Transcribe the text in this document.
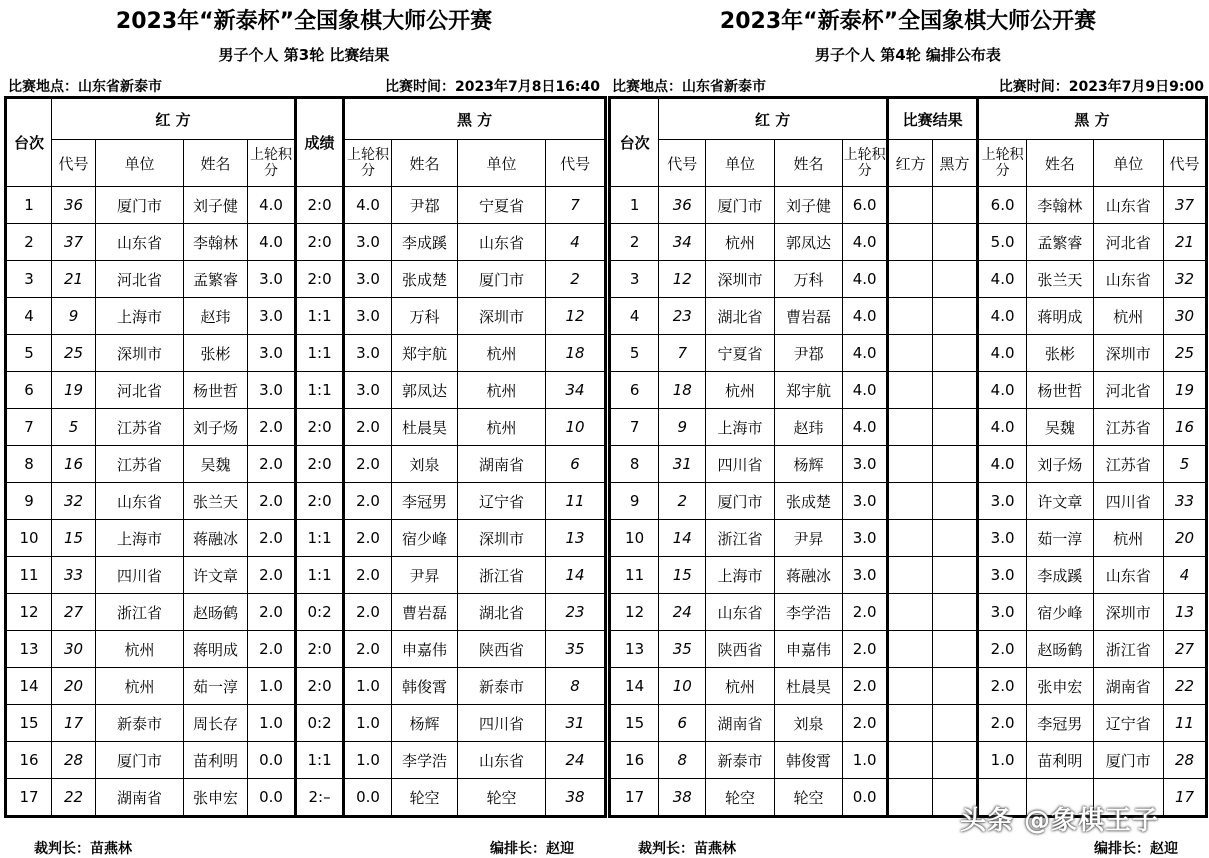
2023年“新泰杯”全国象棋大师公开赛
男子个人 第3轮 比赛结果
比赛地点：山东省新泰市	比赛时间：2023年7月8日16:40
台次	红 方				成绩	黑 方			
	代号	单位	姓名	上轮积分		上轮积分	姓名	单位	代号
1	36	厦门市	刘子健	4.0	2:0	4.0	尹鄀	宁夏省	7
2	37	山东省	李翰林	4.0	2:0	3.0	李成蹊	山东省	4
3	21	河北省	孟繁睿	3.0	2:0	3.0	张成楚	厦门市	2
4	9	上海市	赵玮	3.0	1:1	3.0	万科	深圳市	12
5	25	深圳市	张彬	3.0	1:1	3.0	郑宇航	杭州	18
6	19	河北省	杨世哲	3.0	1:1	3.0	郭凤达	杭州	34
7	5	江苏省	刘子炀	2.0	2:0	2.0	杜晨昊	杭州	10
8	16	江苏省	吴魏	2.0	2:0	2.0	刘泉	湖南省	6
9	32	山东省	张兰天	2.0	2:0	2.0	李冠男	辽宁省	11
10	15	上海市	蒋融冰	2.0	1:1	2.0	宿少峰	深圳市	13
11	33	四川省	许文章	2.0	1:1	2.0	尹昇	浙江省	14
12	27	浙江省	赵旸鹤	2.0	0:2	2.0	曹岩磊	湖北省	23
13	30	杭州	蒋明成	2.0	2:0	2.0	申嘉伟	陕西省	35
14	20	杭州	茹一淳	1.0	2:0	1.0	韩俊霄	新泰市	8
15	17	新泰市	周长存	1.0	0:2	1.0	杨辉	四川省	31
16	28	厦门市	苗利明	0.0	1:1	1.0	李学浩	山东省	24
17	22	湖南省	张申宏	0.0	2:–	0.0	轮空	轮空	38
裁判长：苗燕林	编排长：赵迎
2023年“新泰杯”全国象棋大师公开赛
男子个人 第4轮 编排公布表
比赛地点：山东省新泰市	比赛时间：2023年7月9日9:00
台次	红 方				比赛结果		黑 方			
	代号	单位	姓名	上轮积分	红方	黑方	上轮积分	姓名	单位	代号
1	36	厦门市	刘子健	6.0			6.0	李翰林	山东省	37
2	34	杭州	郭凤达	4.0			5.0	孟繁睿	河北省	21
3	12	深圳市	万科	4.0			4.0	张兰天	山东省	32
4	23	湖北省	曹岩磊	4.0			4.0	蒋明成	杭州	30
5	7	宁夏省	尹鄀	4.0			4.0	张彬	深圳市	25
6	18	杭州	郑宇航	4.0			4.0	杨世哲	河北省	19
7	9	上海市	赵玮	4.0			4.0	吴魏	江苏省	16
8	31	四川省	杨辉	3.0			4.0	刘子炀	江苏省	5
9	2	厦门市	张成楚	3.0			3.0	许文章	四川省	33
10	14	浙江省	尹昇	3.0			3.0	茹一淳	杭州	20
11	15	上海市	蒋融冰	3.0			3.0	李成蹊	山东省	4
12	24	山东省	李学浩	2.0			3.0	宿少峰	深圳市	13
13	35	陕西省	申嘉伟	2.0			2.0	赵旸鹤	浙江省	27
14	10	杭州	杜晨昊	2.0			2.0	张申宏	湖南省	22
15	6	湖南省	刘泉	2.0			2.0	李冠男	辽宁省	11
16	8	新泰市	韩俊霄	1.0			1.0	苗利明	厦门市	28
17	38	轮空	轮空	0.0						17
裁判长：苗燕林	编排长：赵迎
头条 @象棋王子
